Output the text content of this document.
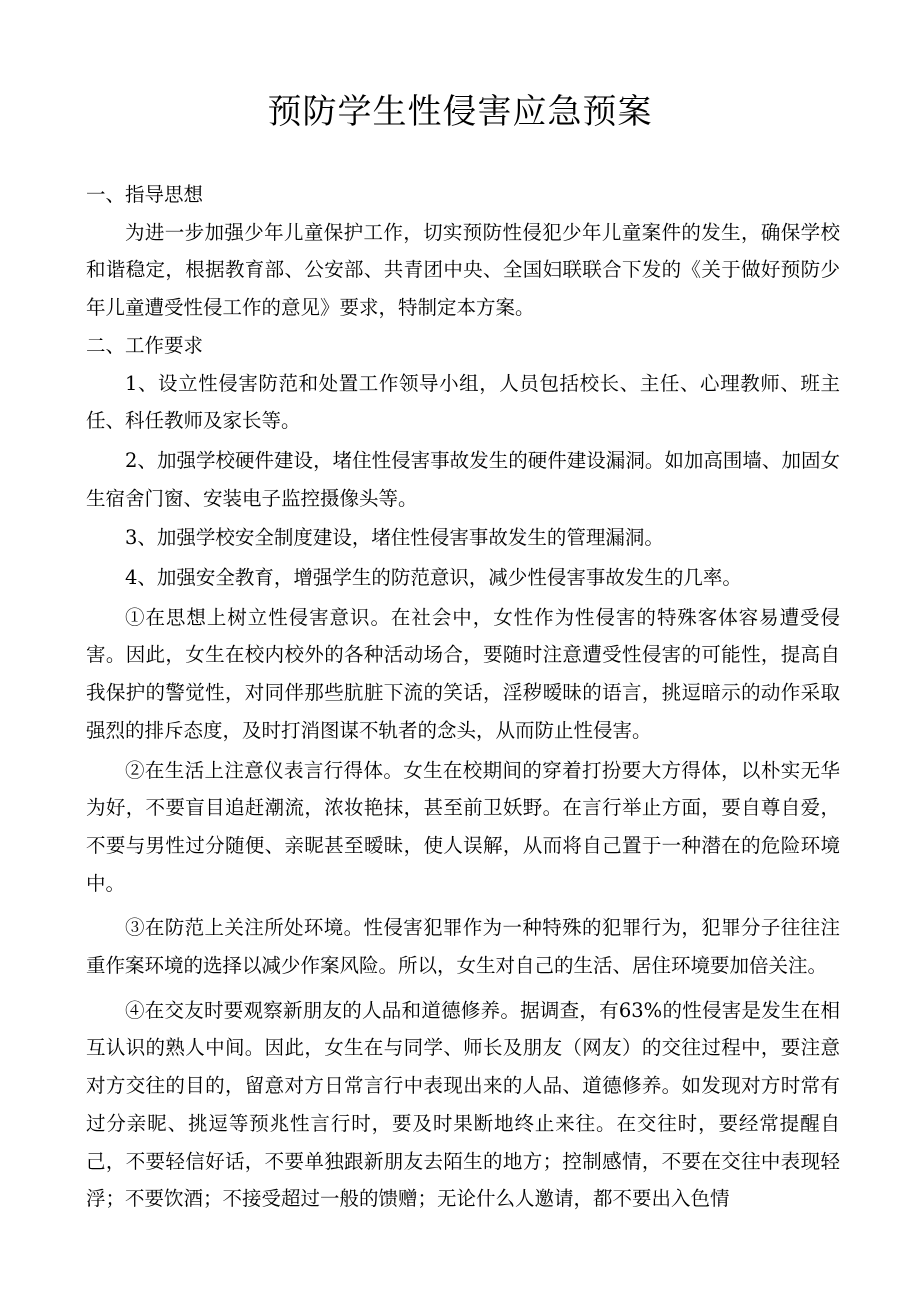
预防学生性侵害应急预案

一、指导思想

为进一步加强少年儿童保护工作，切实预防性侵犯少年儿童案件的发生，确保学校和谐稳定，根据教育部、公安部、共青团中央、全国妇联联合下发的《关于做好预防少年儿童遭受性侵工作的意见》要求，特制定本方案。

二、工作要求

1、设立性侵害防范和处置工作领导小组，人员包括校长、主任、心理教师、班主任、科任教师及家长等。

2、加强学校硬件建设，堵住性侵害事故发生的硬件建设漏洞。如加高围墙、加固女生宿舍门窗、安装电子监控摄像头等。

3、加强学校安全制度建设，堵住性侵害事故发生的管理漏洞。

4、加强安全教育，增强学生的防范意识，减少性侵害事故发生的几率。

①在思想上树立性侵害意识。在社会中，女性作为性侵害的特殊客体容易遭受侵害。因此，女生在校内校外的各种活动场合，要随时注意遭受性侵害的可能性，提高自我保护的警觉性，对同伴那些肮脏下流的笑话，淫秽暧昧的语言，挑逗暗示的动作采取强烈的排斥态度，及时打消图谋不轨者的念头，从而防止性侵害。

②在生活上注意仪表言行得体。女生在校期间的穿着打扮要大方得体，以朴实无华为好，不要盲目追赶潮流，浓妆艳抹，甚至前卫妖野。在言行举止方面，要自尊自爱，不要与男性过分随便、亲昵甚至暧昧，使人误解，从而将自己置于一种潜在的危险环境中。

③在防范上关注所处环境。性侵害犯罪作为一种特殊的犯罪行为，犯罪分子往往注重作案环境的选择以减少作案风险。所以，女生对自己的生活、居住环境要加倍关注。

④在交友时要观察新朋友的人品和道德修养。据调查，有63%的性侵害是发生在相互认识的熟人中间。因此，女生在与同学、师长及朋友（网友）的交往过程中，要注意对方交往的目的，留意对方日常言行中表现出来的人品、道德修养。如发现对方时常有过分亲昵、挑逗等预兆性言行时，要及时果断地终止来往。在交往时，要经常提醒自己，不要轻信好话，不要单独跟新朋友去陌生的地方；控制感情，不要在交往中表现轻浮；不要饮酒；不接受超过一般的馈赠；无论什么人邀请，都不要出入色情
